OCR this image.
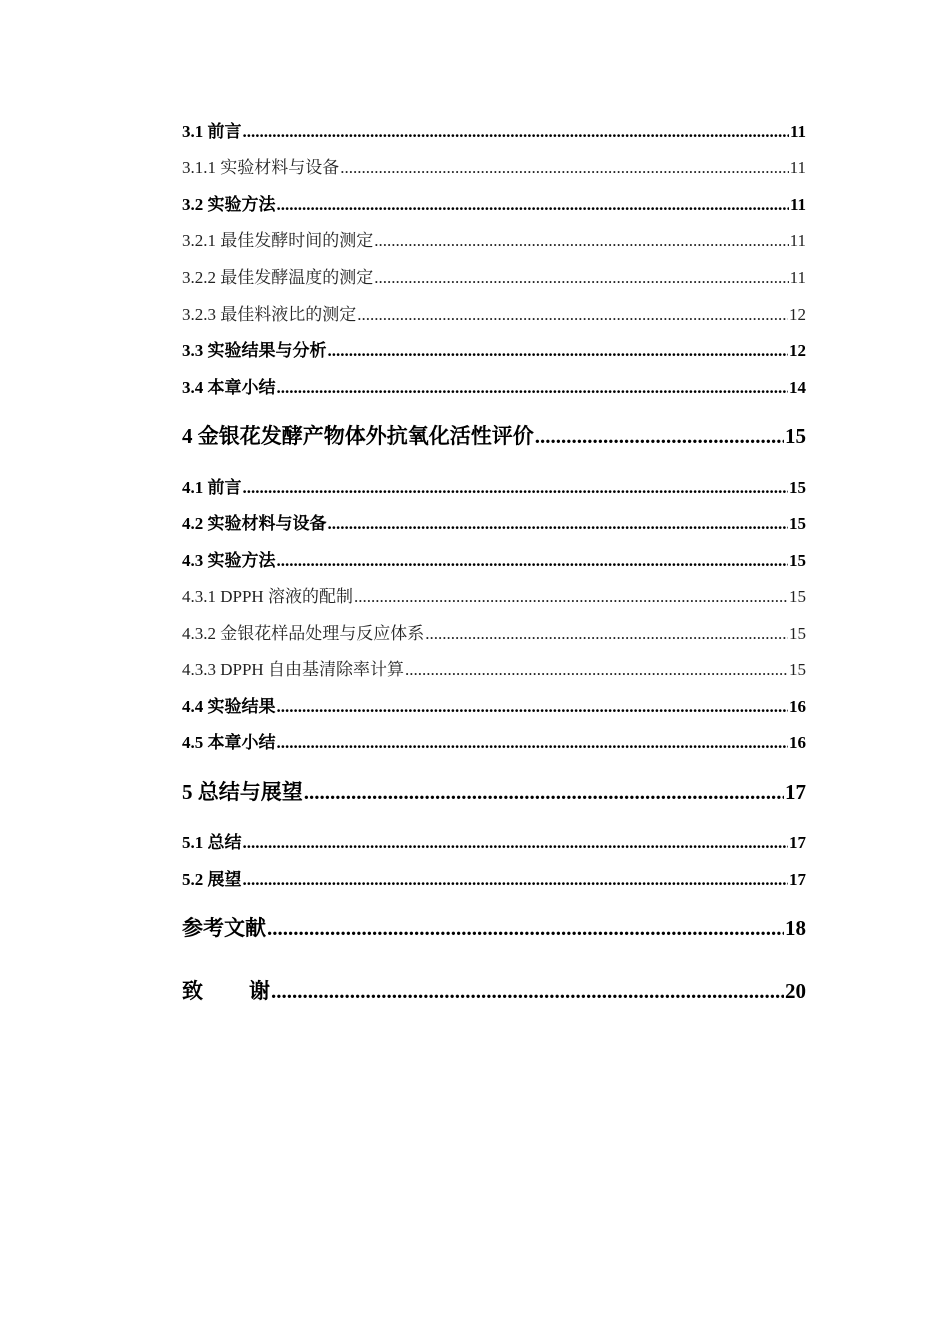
3.1 前言 .....	11
3.1.1 实验材料与设备 .....	11
3.2 实验方法 .....	11
3.2.1 最佳发酵时间的测定 .....	11
3.2.2 最佳发酵温度的测定 .....	11
3.2.3 最佳料液比的测定 .....	12
3.3 实验结果与分析 .....	12
3.4 本章小结 .....	14
4 金银花发酵产物体外抗氧化活性评价 .....	15
4.1 前言 .....	15
4.2 实验材料与设备 .....	15
4.3 实验方法 .....	15
4.3.1 DPPH 溶液的配制 .....	15
4.3.2 金银花样品处理与反应体系 .....	15
4.3.3 DPPH 自由基清除率计算 .....	15
4.4 实验结果 .....	16
4.5 本章小结 .....	16
5 总结与展望 .....	17
5.1 总结 .....	17
5.2 展望 .....	17
参考文献 .....	18
致谢 .....	20
